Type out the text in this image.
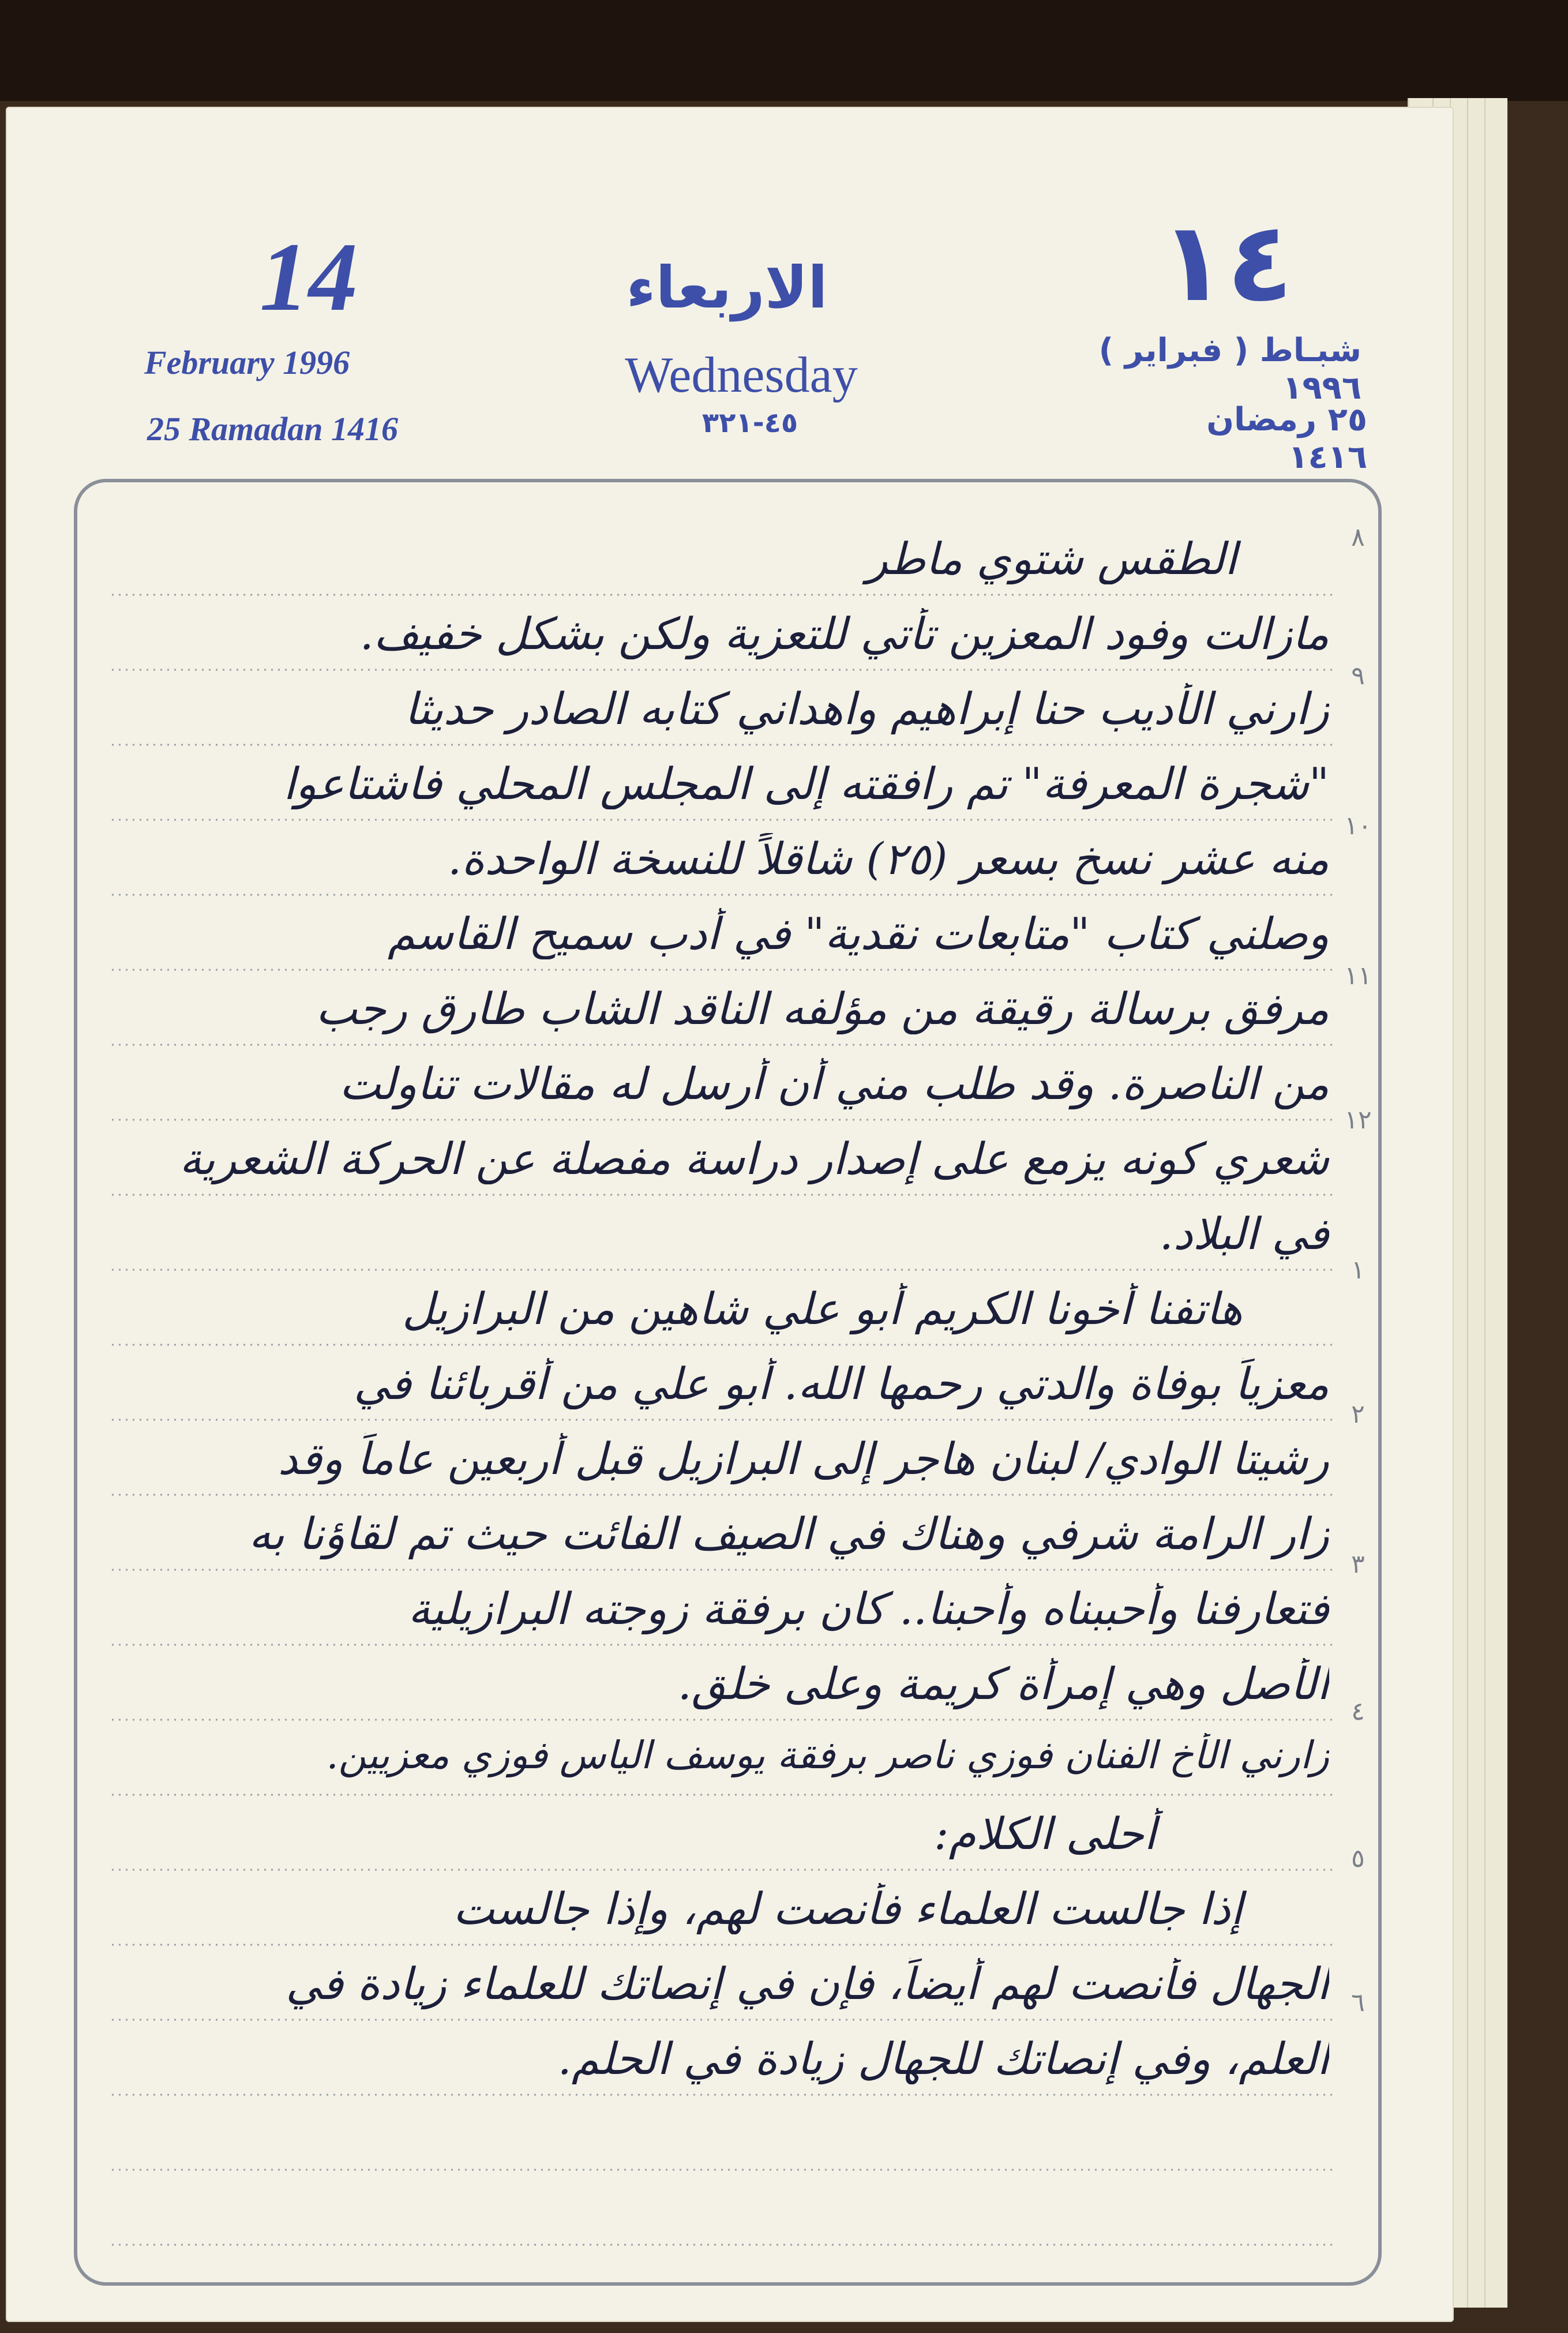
١٤
14	الاربعاء
Wednesday
February 1996
25 Ramadan 1416
شبـاط ( فبراير ) ١٩٩٦
٢٥ رمضان ١٤١٦
٤٥-٣٢١
٨
٩
١٠
١١
١٢
١
٢
٣
٤
٥
٦
الطقس شتوي ماطر
مازالت وفود المعزين تأتي للتعزية ولكن بشكل خفيف.
زارني الأديب حنا إبراهيم واهداني كتابه الصادر حديثا
"شجرة المعرفة" تم رافقته إلى المجلس المحلي فاشتاعوا
منه عشر نسخ بسعر (٢٥) شاقلاً للنسخة الواحدة.
وصلني كتاب "متابعات نقدية" في أدب سميح القاسم
مرفق برسالة رقيقة من مؤلفه الناقد الشاب طارق رجب
من الناصرة. وقد طلب مني أن أرسل له مقالات تناولت
شعري كونه يزمع على إصدار دراسة مفصلة عن الحركة الشعرية
في البلاد.
هاتفنا أخونا الكريم أبو علي شاهين من البرازيل
معزياً بوفاة والدتي رحمها الله. أبو علي من أقربائنا في
رشيتا الوادي/ لبنان هاجر إلى البرازيل قبل أربعين عاماً وقد
زار الرامة شرفي وهناك في الصيف الفائت حيث تم لقاؤنا به
فتعارفنا وأحببناه وأحبنا.. كان برفقة زوجته البرازيلية
الأصل وهي إمرأة كريمة وعلى خلق.
زارني الأخ الفنان فوزي ناصر برفقة يوسف الياس فوزي معزيين.
أحلى الكلام:
إذا جالست العلماء فأنصت لهم، وإذا جالست
الجهال فأنصت لهم أيضاً، فإن في إنصاتك للعلماء زيادة في
العلم، وفي إنصاتك للجهال زيادة في الحلم.
